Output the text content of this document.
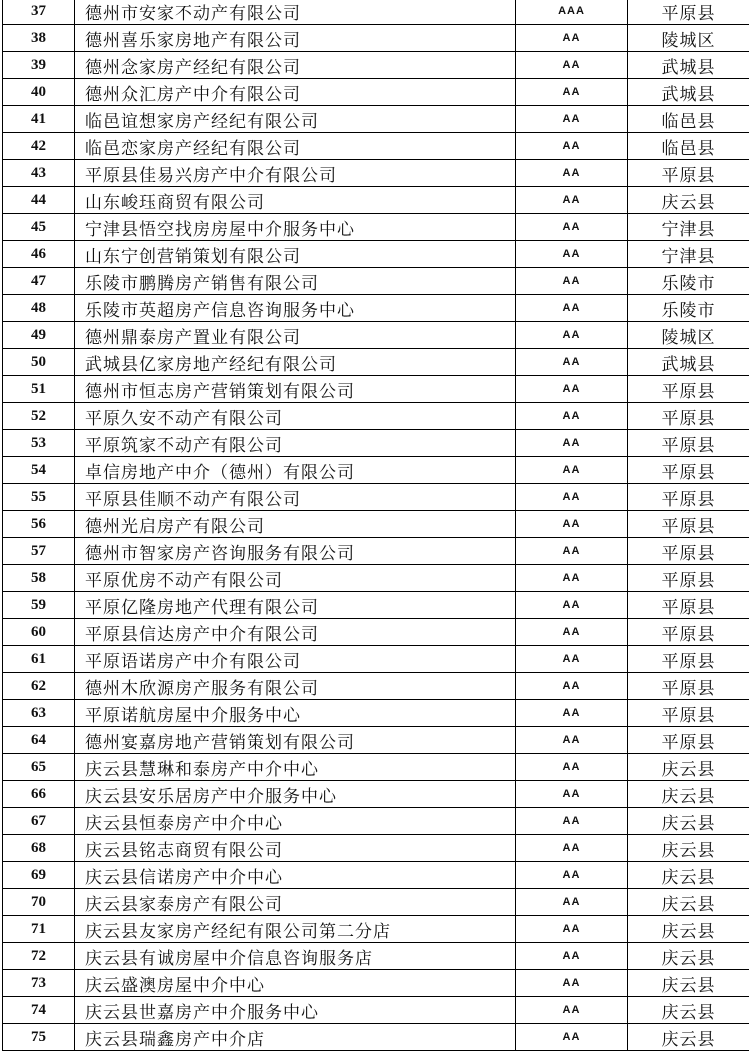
37	德州市安家不动产有限公司	AAA	平原县
38	德州喜乐家房地产有限公司	AA	陵城区
39	德州念家房产经纪有限公司	AA	武城县
40	德州众汇房产中介有限公司	AA	武城县
41	临邑谊想家房产经纪有限公司	AA	临邑县
42	临邑恋家房产经纪有限公司	AA	临邑县
43	平原县佳易兴房产中介有限公司	AA	平原县
44	山东峻珏商贸有限公司	AA	庆云县
45	宁津县悟空找房房屋中介服务中心	AA	宁津县
46	山东宁创营销策划有限公司	AA	宁津县
47	乐陵市鹏腾房产销售有限公司	AA	乐陵市
48	乐陵市英超房产信息咨询服务中心	AA	乐陵市
49	德州鼎泰房产置业有限公司	AA	陵城区
50	武城县亿家房地产经纪有限公司	AA	武城县
51	德州市恒志房产营销策划有限公司	AA	平原县
52	平原久安不动产有限公司	AA	平原县
53	平原筑家不动产有限公司	AA	平原县
54	卓信房地产中介（德州）有限公司	AA	平原县
55	平原县佳顺不动产有限公司	AA	平原县
56	德州光启房产有限公司	AA	平原县
57	德州市智家房产咨询服务有限公司	AA	平原县
58	平原优房不动产有限公司	AA	平原县
59	平原亿隆房地产代理有限公司	AA	平原县
60	平原县信达房产中介有限公司	AA	平原县
61	平原语诺房产中介有限公司	AA	平原县
62	德州木欣源房产服务有限公司	AA	平原县
63	平原诺航房屋中介服务中心	AA	平原县
64	德州宴嘉房地产营销策划有限公司	AA	平原县
65	庆云县慧琳和泰房产中介中心	AA	庆云县
66	庆云县安乐居房产中介服务中心	AA	庆云县
67	庆云县恒泰房产中介中心	AA	庆云县
68	庆云县铭志商贸有限公司	AA	庆云县
69	庆云县信诺房产中介中心	AA	庆云县
70	庆云县家泰房产有限公司	AA	庆云县
71	庆云县友家房产经纪有限公司第二分店	AA	庆云县
72	庆云县有诚房屋中介信息咨询服务店	AA	庆云县
73	庆云盛澳房屋中介中心	AA	庆云县
74	庆云县世嘉房产中介服务中心	AA	庆云县
75	庆云县瑞鑫房产中介店	AA	庆云县
